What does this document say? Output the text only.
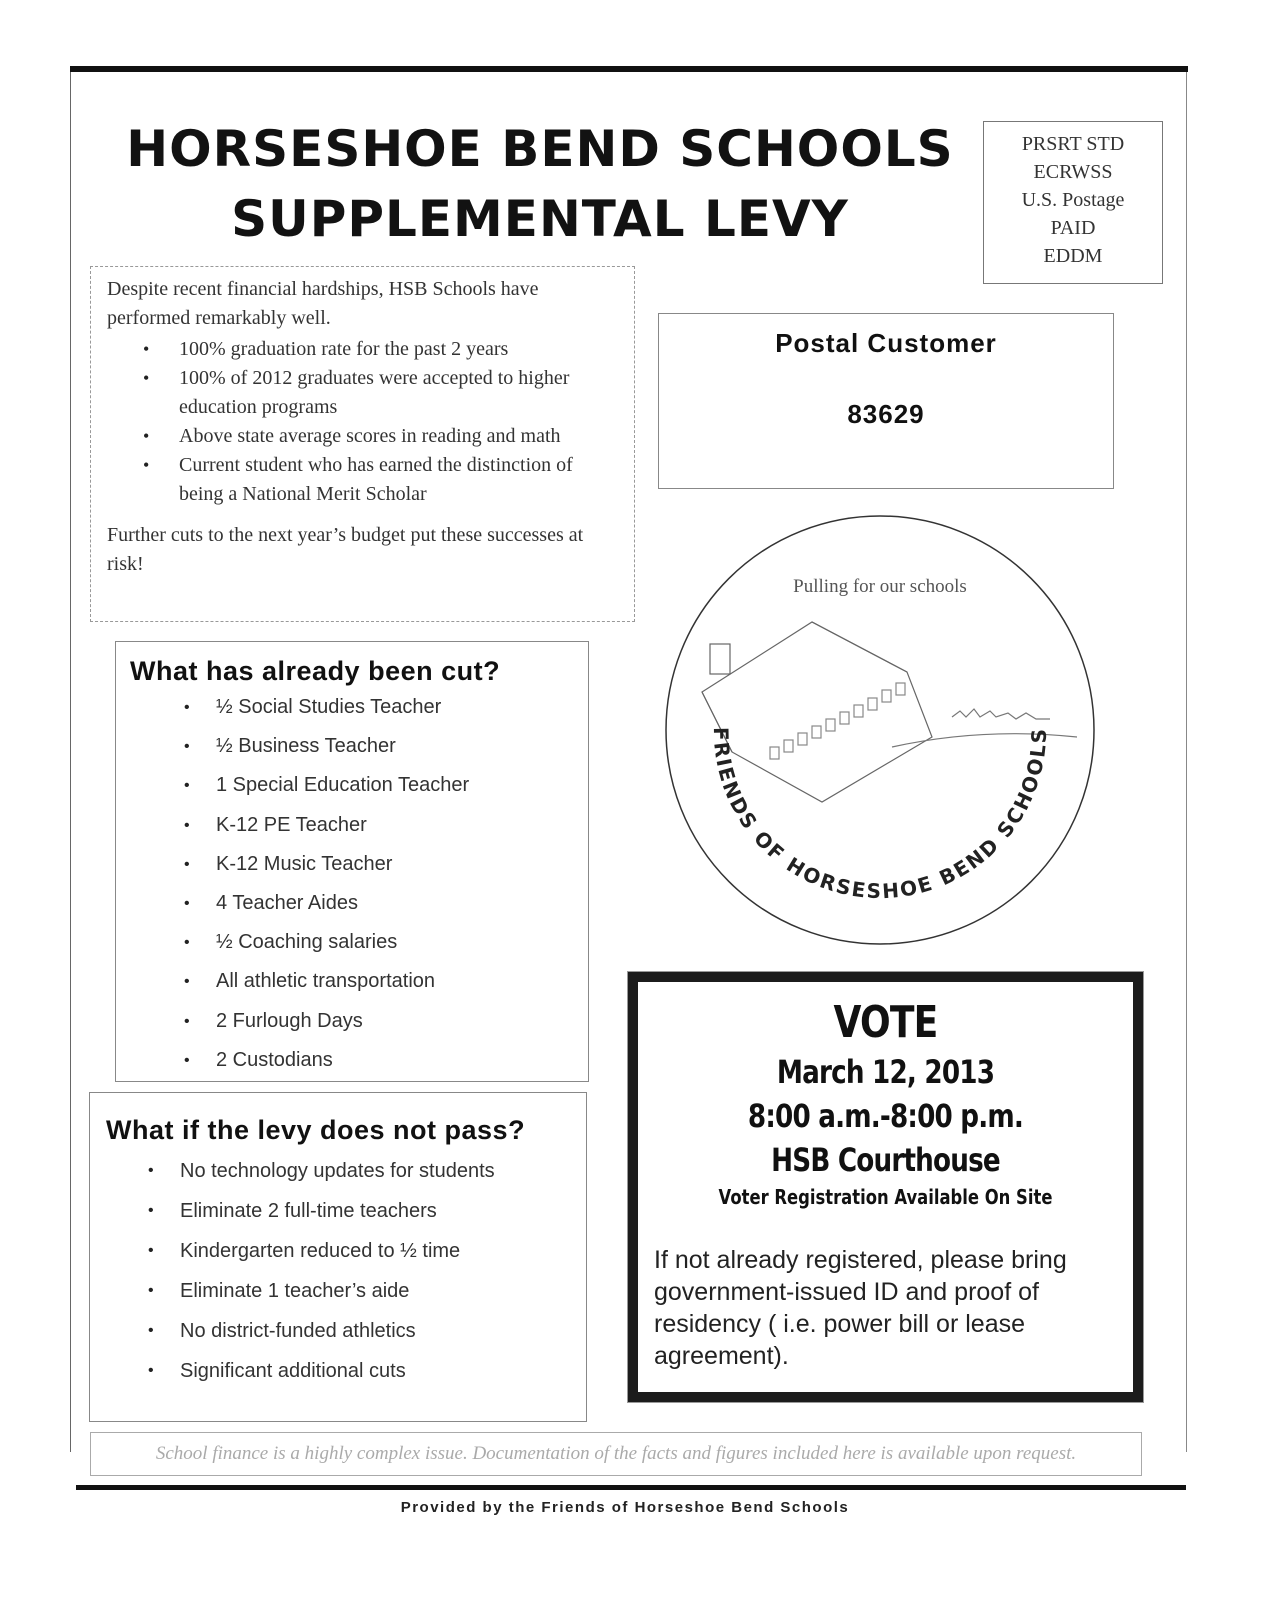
HORSESHOE BEND SCHOOLS
SUPPLEMENTAL LEVY
PRSRT STD
ECRWSS
U.S. Postage
PAID
EDDM

Despite recent financial hardships, HSB Schools have performed remarkably well.

• 100% graduation rate for the past 2 years
• 100% of 2012 graduates were accepted to higher education programs
• Above state average scores in reading and math
• Current student who has earned the distinction of being a National Merit Scholar

Further cuts to the next year’s budget put these successes at risk!

Postal Customer
83629
Pulling for our schools
FRIENDS OF HORSESHOE BEND SCHOOLS
What has already been cut?
• ½ Social Studies Teacher
• ½ Business Teacher
• 1 Special Education Teacher
• K-12 PE Teacher
• K-12 Music Teacher
• 4 Teacher Aides
• ½ Coaching salaries
• All athletic transportation
• 2 Furlough Days
• 2 Custodians
VOTE
March 12, 2013
8:00 a.m.-8:00 p.m.
HSB Courthouse
Voter Registration Available On Site
If not already registered, please bring government-issued ID and proof of residency ( i.e. power bill or lease agreement).
What if the levy does not pass?
• No technology updates for students
• Eliminate 2 full-time teachers
• Kindergarten reduced to ½ time
• Eliminate 1 teacher’s aide
• No district-funded athletics
• Significant additional cuts
School finance is a highly complex issue. Documentation of the facts and figures included here is available upon request.
Provided by the Friends of Horseshoe Bend Schools
